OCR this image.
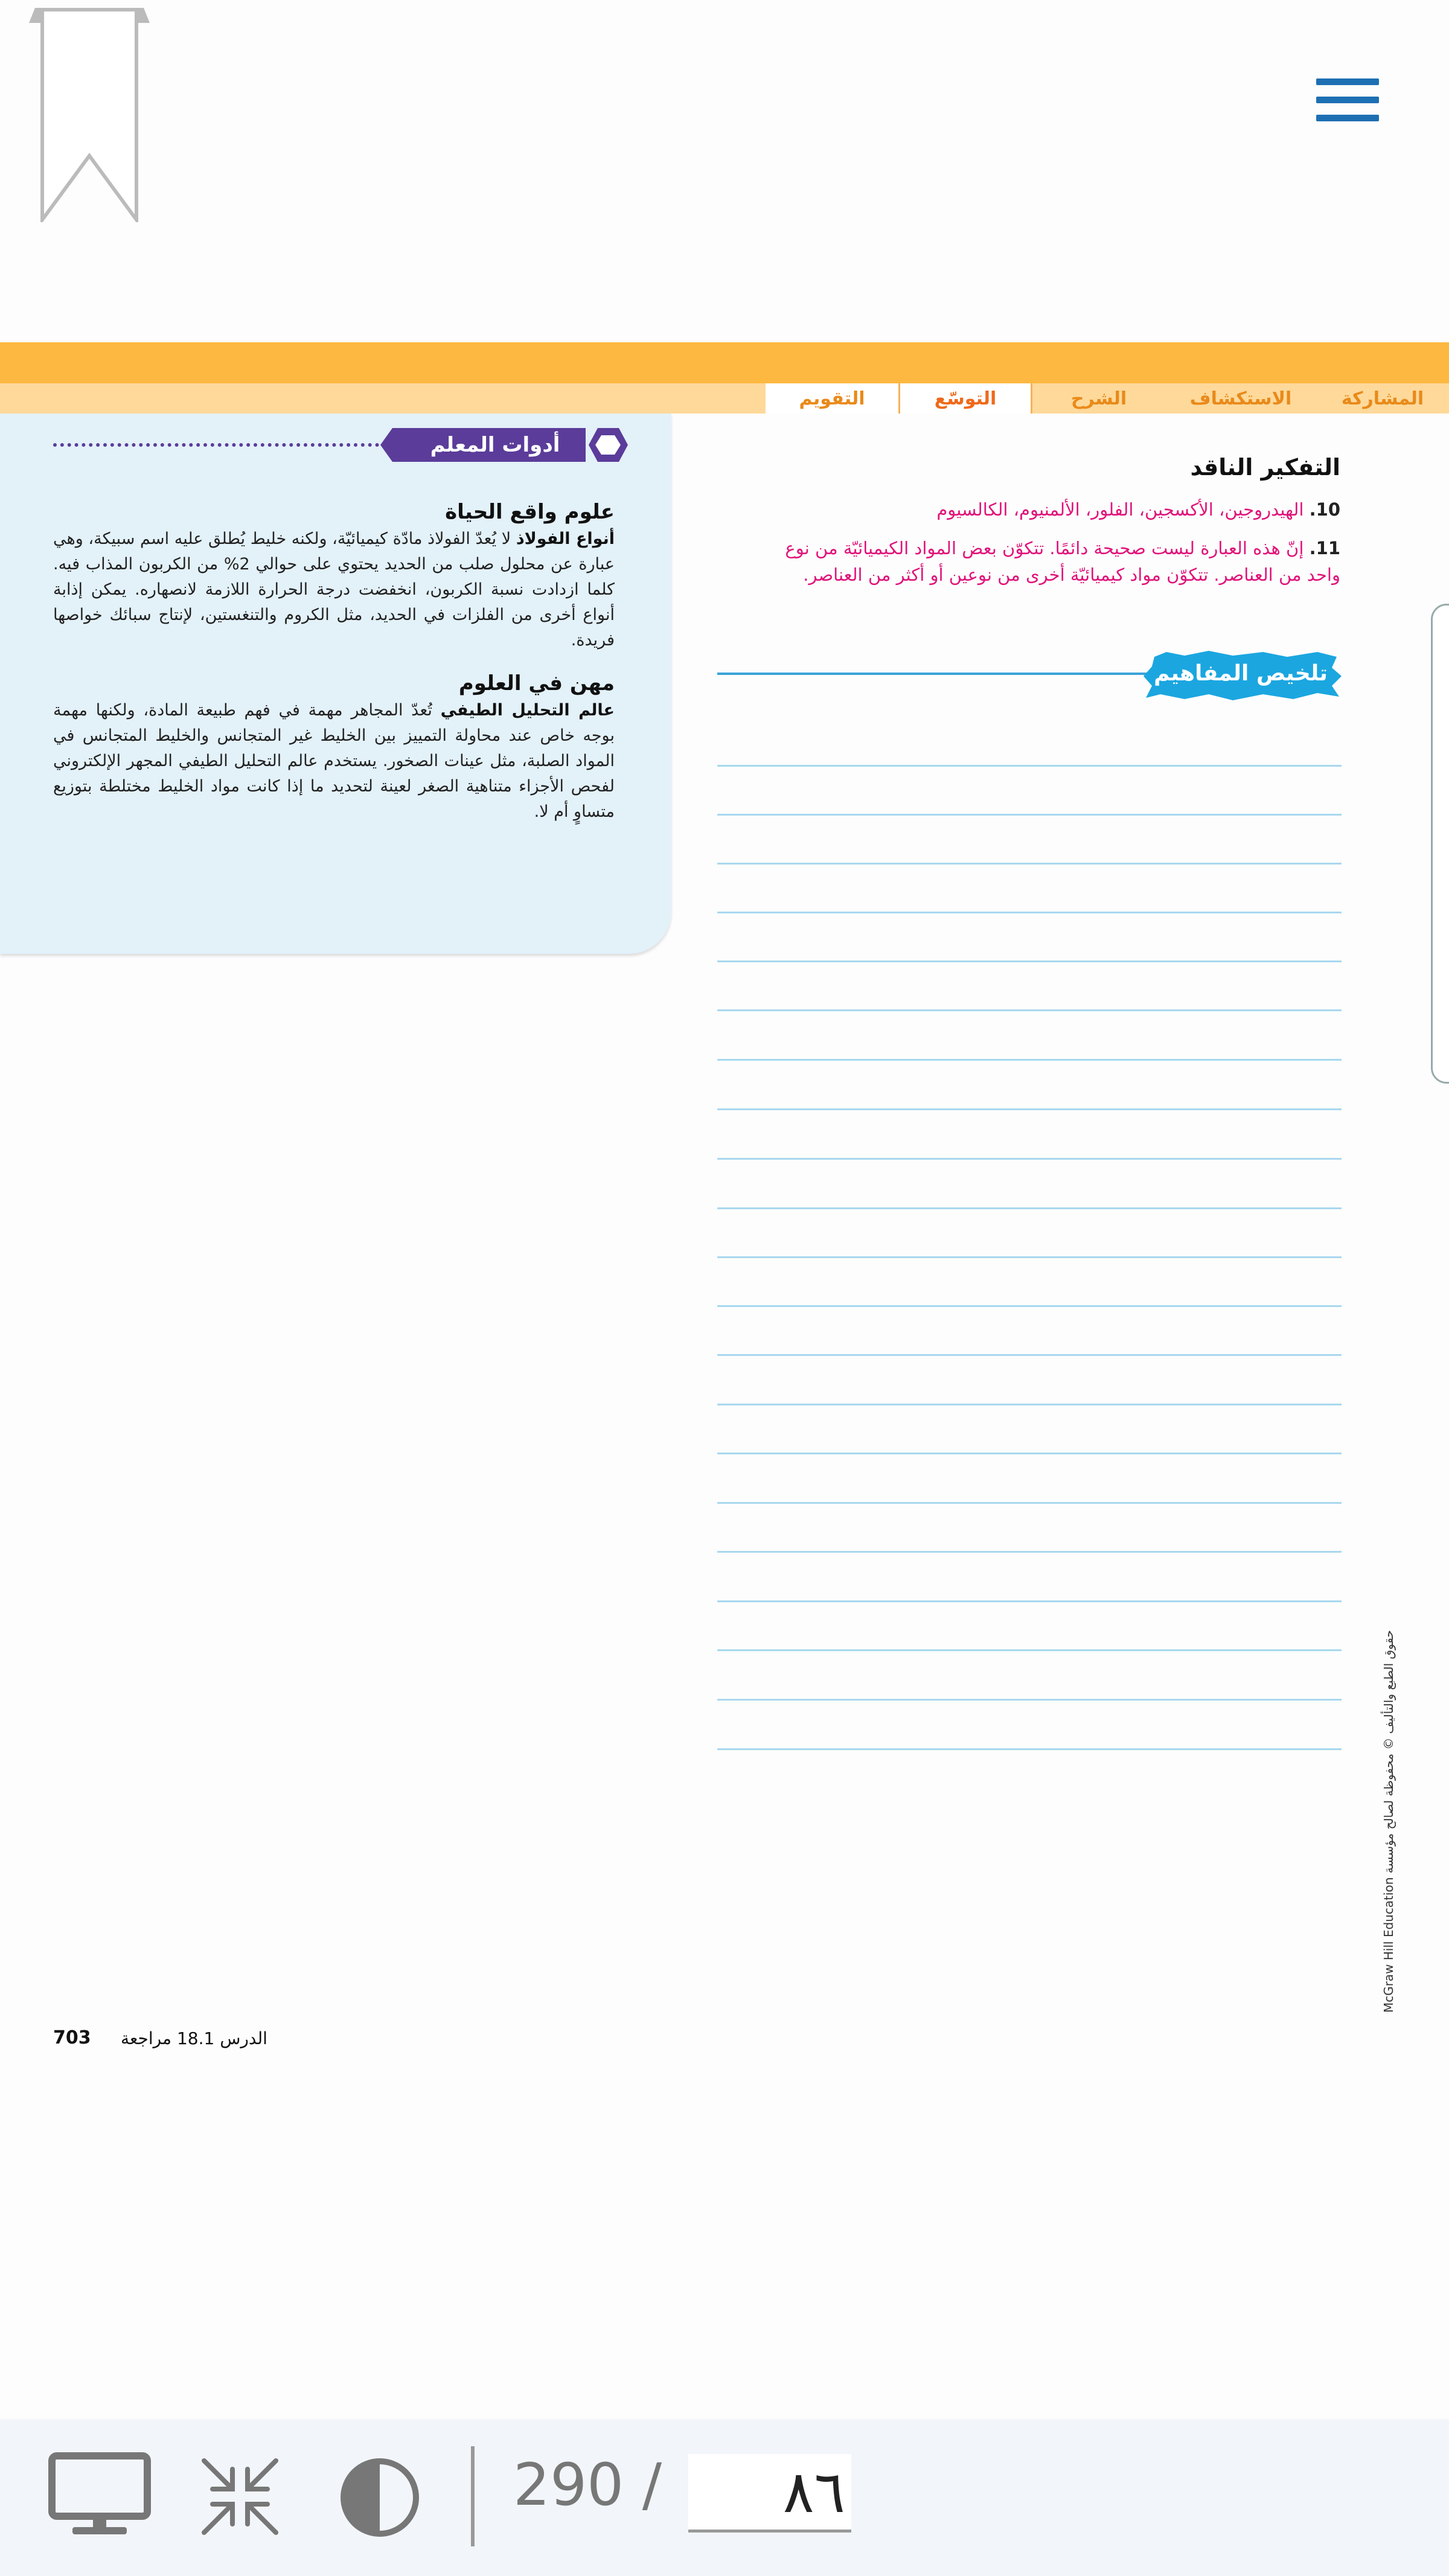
المشاركة
الاستكشاف
الشرح
التوسّع
التقويم
أدوات المعلم
علوم واقع الحياة

أنواع الفولاذ لا يُعدّ الفولاذ مادّة كيميائيّة، ولكنه خليط يُطلق عليه اسم سبيكة، وهي عبارة عن محلول صلب من الحديد يحتوي على حوالي 2% من الكربون المذاب فيه. كلما ازدادت نسبة الكربون، انخفضت درجة الحرارة اللازمة لانصهاره. يمكن إذابة أنواع أخرى من الفلزات في الحديد، مثل الكروم والتنغستين، لإنتاج سبائك خواصها فريدة.

مهن في العلوم

عالم التحليل الطيفي تُعدّ المجاهر مهمة في فهم طبيعة المادة، ولكنها مهمة بوجه خاص عند محاولة التمييز بين الخليط غير المتجانس والخليط المتجانس في المواد الصلبة، مثل عينات الصخور. يستخدم عالم التحليل الطيفي المجهر الإلكتروني لفحص الأجزاء متناهية الصغر لعينة لتحديد ما إذا كانت مواد الخليط مختلطة بتوزيع متساوٍ أم لا.

التفكير الناقد
10. الهيدروجين، الأكسجين، الفلور، الألمنيوم، الكالسيوم
11. إنّ هذه العبارة ليست صحيحة دائمًا. تتكوّن بعض المواد الكيميائيّة من نوع واحد من العناصر. تتكوّن مواد كيميائيّة أخرى من نوعين أو أكثر من العناصر.
تلخيص المفاهيم
حقوق الطبع والتأليف © محفوظة لصالح مؤسسة McGraw Hill Education
703	الدرس 18.1 مراجعة
290 /
٨٦
